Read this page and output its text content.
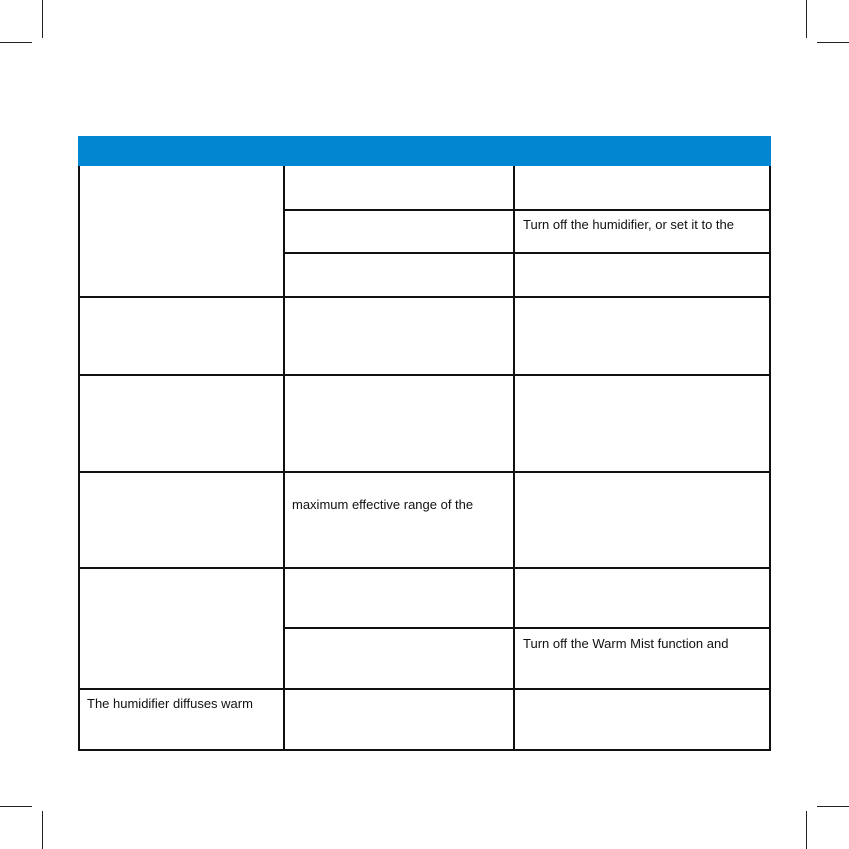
Turn off the humidifier, or set it to the
maximum effective range of the
Turn off the Warm Mist function and
The humidifier diffuses warm
